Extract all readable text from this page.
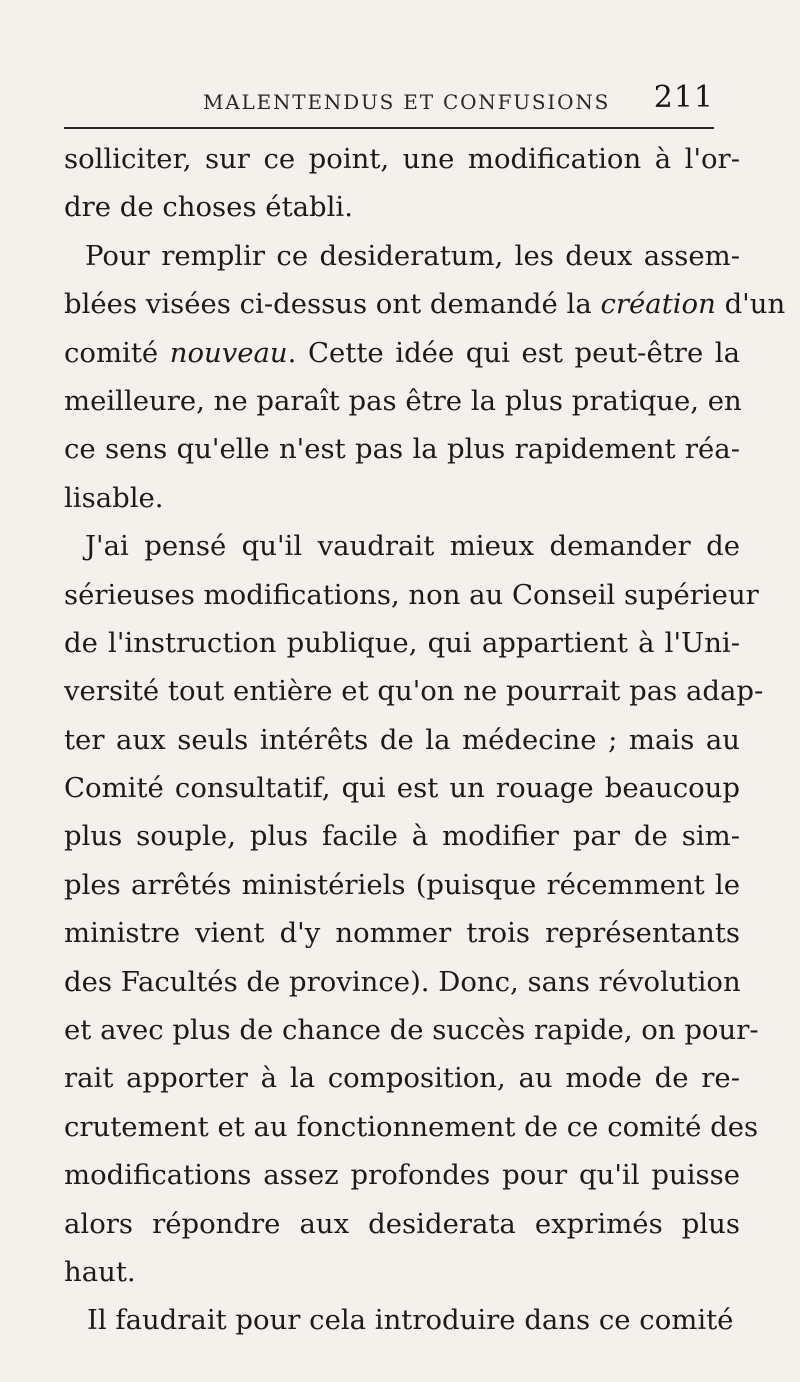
MALENTENDUS ET CONFUSIONS 211
solliciter, sur ce point, une modification à l'or-
dre de choses établi.
Pour remplir ce desideratum, les deux assem-
blées visées ci-dessus ont demandé la création d'un
comité nouveau. Cette idée qui est peut-être la
meilleure, ne paraît pas être la plus pratique, en
ce sens qu'elle n'est pas la plus rapidement réa-
lisable.
J'ai pensé qu'il vaudrait mieux demander de
sérieuses modifications, non au Conseil supérieur
de l'instruction publique, qui appartient à l'Uni-
versité tout entière et qu'on ne pourrait pas adap-
ter aux seuls intérêts de la médecine ; mais au
Comité consultatif, qui est un rouage beaucoup
plus souple, plus facile à modifier par de sim-
ples arrêtés ministériels (puisque récemment le
ministre vient d'y nommer trois représentants
des Facultés de province). Donc, sans révolution
et avec plus de chance de succès rapide, on pour-
rait apporter à la composition, au mode de re-
crutement et au fonctionnement de ce comité des
modifications assez profondes pour qu'il puisse
alors répondre aux desiderata exprimés plus
haut.
Il faudrait pour cela introduire dans ce comité
